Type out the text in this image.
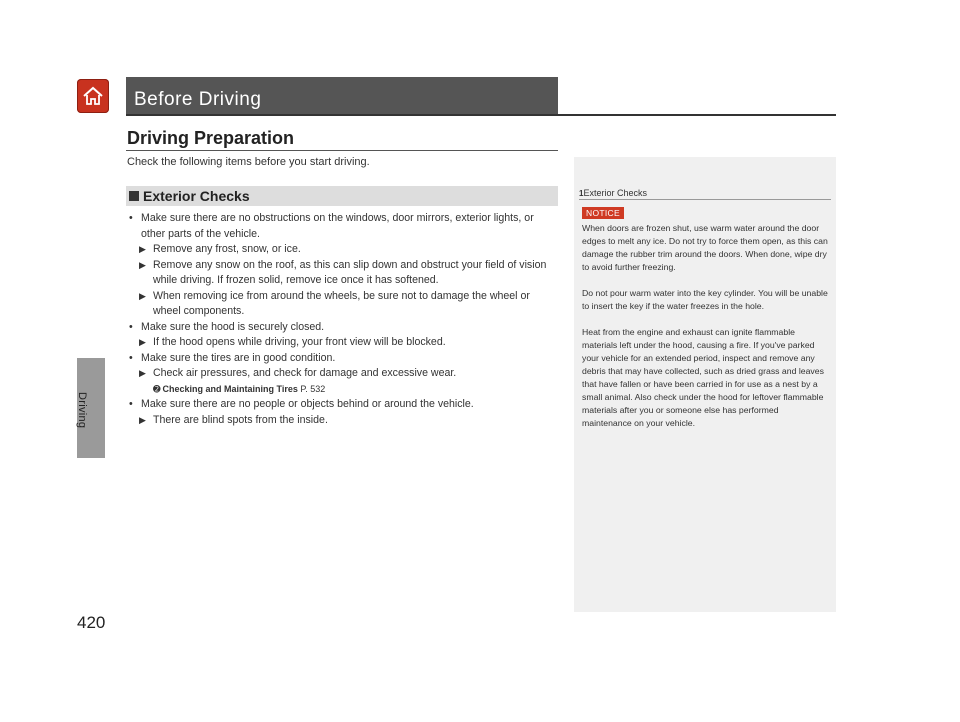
Driving
420
Before Driving
Driving Preparation
Check the following items before you start driving.
Exterior Checks
• Make sure there are no obstructions on the windows, door mirrors, exterior lights, or other parts of the vehicle.
▶ Remove any frost, snow, or ice.
▶ Remove any snow on the roof, as this can slip down and obstruct your field of vision while driving. If frozen solid, remove ice once it has softened.
▶ When removing ice from around the wheels, be sure not to damage the wheel or wheel components.
• Make sure the hood is securely closed.
▶ If the hood opens while driving, your front view will be blocked.
• Make sure the tires are in good condition.
▶ Check air pressures, and check for damage and excessive wear.
➋ Checking and Maintaining Tires P. 532
• Make sure there are no people or objects behind or around the vehicle.
▶ There are blind spots from the inside.
1Exterior Checks
NOTICE

When doors are frozen shut, use warm water around the door edges to melt any ice. Do not try to force them open, as this can damage the rubber trim around the doors. When done, wipe dry to avoid further freezing.

Do not pour warm water into the key cylinder. You will be unable to insert the key if the water freezes in the hole.

Heat from the engine and exhaust can ignite flammable materials left under the hood, causing a fire. If you've parked your vehicle for an extended period, inspect and remove any debris that may have collected, such as dried grass and leaves that have fallen or have been carried in for use as a nest by a small animal. Also check under the hood for leftover flammable materials after you or someone else has performed maintenance on your vehicle.
